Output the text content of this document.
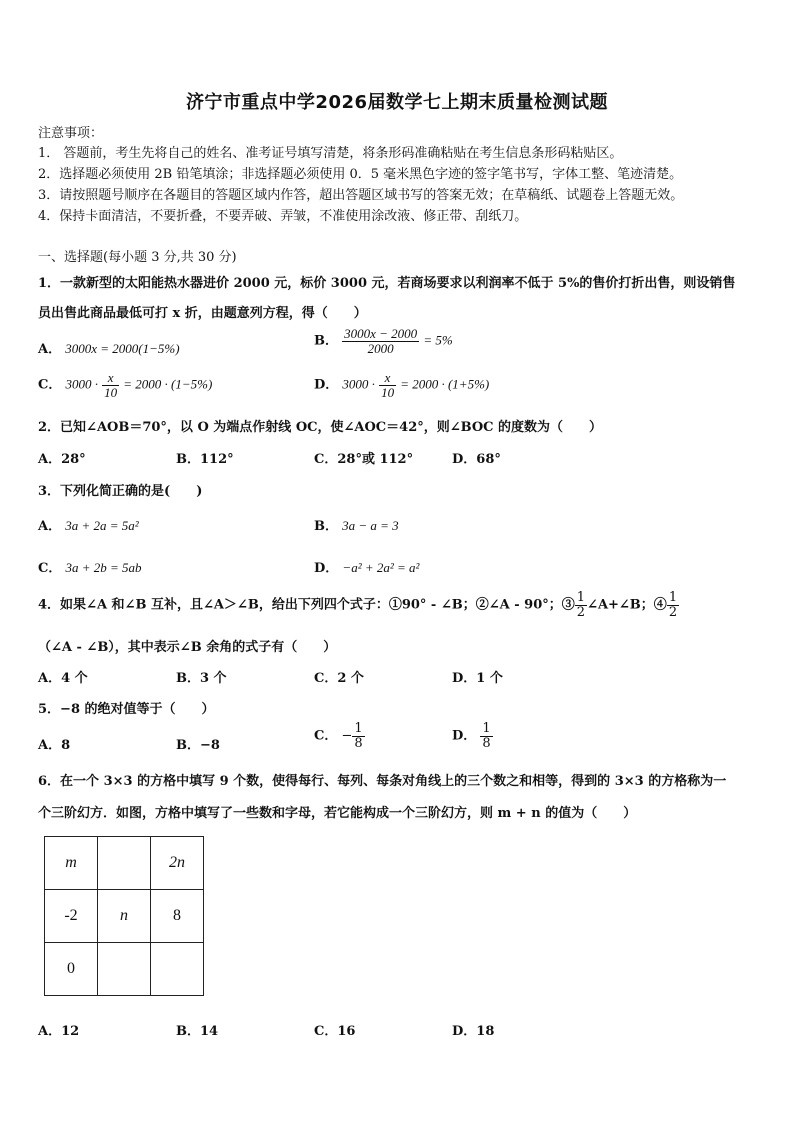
济宁市重点中学2026届数学七上期末质量检测试题
注意事项：
1． 答题前，考生先将自己的姓名、准考证号填写清楚，将条形码准确粘贴在考生信息条形码粘贴区。
2．选择题必须使用 2B 铅笔填涂；非选择题必须使用 0．5 毫米黑色字迹的签字笔书写，字体工整、笔迹清楚。
3．请按照题号顺序在各题目的答题区域内作答，超出答题区域书写的答案无效；在草稿纸、试题卷上答题无效。
4．保持卡面清洁，不要折叠，不要弄破、弄皱，不准使用涂改液、修正带、刮纸刀。
一、选择题(每小题 3 分,共 30 分)
1．一款新型的太阳能热水器进价 2000 元，标价 3000 元，若商场要求以利润率不低于 5%的售价打折出售，则设销售
员出售此商品最低可打 x 折，由题意列方程，得（　　）
A． 3000x = 2000(1−5%)	B． $\frac{3000x - 2000}{2000} = 5\%$
C． $3000 \cdot \frac{x}{10} = 2000 \cdot (1-5\%)$	D． $3000 \cdot \frac{x}{10} = 2000 \cdot (1+5\%)$
2．已知∠AOB＝70°，以 O 为端点作射线 OC，使∠AOC＝42°，则∠BOC 的度数为（　　）
A．28°	B．112°	C．28°或 112°	D．68°
3．下列化简正确的是(　　)
A． 3a + 2a = 5a²	B． 3a − a = 3
C． 3a + 2b = 5ab	D． −a² + 2a² = a²
4．如果∠A 和∠B 互补，且∠A＞∠B，给出下列四个式子：①90° - ∠B；②∠A - 90°；③ $\frac{1}{2}$ ∠A+∠B；④ $\frac{1}{2}$
（∠A - ∠B），其中表示∠B 余角的式子有（　　）
A．4 个	B．3 个	C．2 个	D．1 个
5．−8 的绝对值等于（　　）
A．8	B．−8
C． − $\frac{1}{8}$	D． $\frac{1}{8}$
6．在一个 3×3 的方格中填写 9 个数，使得每行、每列、每条对角线上的三个数之和相等，得到的 3×3 的方格称为一
个三阶幻方．如图，方格中填写了一些数和字母，若它能构成一个三阶幻方，则 m + n 的值为（　　）
m		2n
-2	n	8
0		
A．12	B．14	C．16	D．18
